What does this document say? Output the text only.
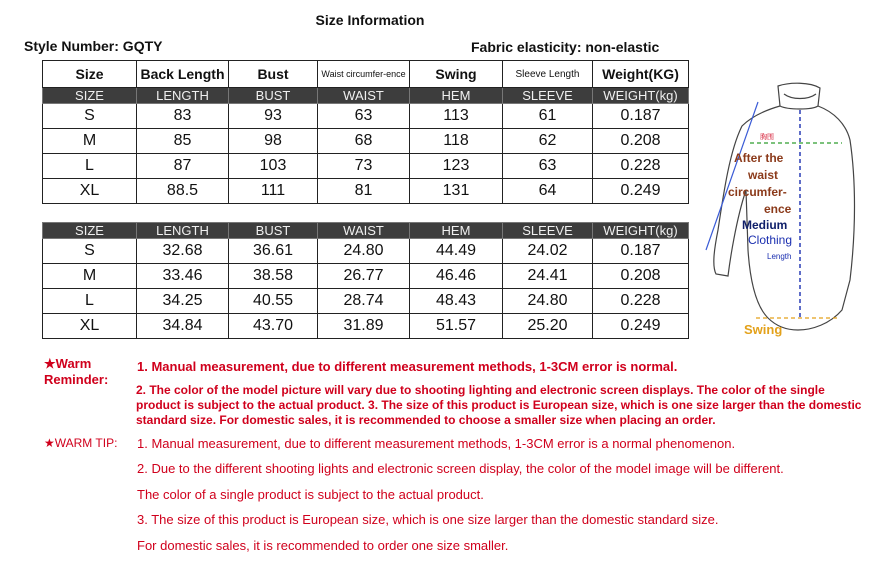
Size Information
Style Number: GQTY	Fabric elasticity: non-elastic
Size	Back Length	Bust	Waist circumfer-ence	Swing	Sleeve Length	Weight(KG)
SIZE	LENGTH	BUST	WAIST	HEM	SLEEVE	WEIGHT(kg)
S	83	93	63	113	61	0.187
M	85	98	68	118	62	0.208
L	87	103	73	123	63	0.228
XL	88.5	111	81	131	64	0.249
SIZE	LENGTH	BUST	WAIST	HEM	SLEEVE	WEIGHT(kg)
S	32.68	36.61	24.80	44.49	24.02	0.187
M	33.46	38.58	26.77	46.46	24.41	0.208
L	34.25	40.55	28.74	48.43	24.80	0.228
XL	34.84	43.70	31.89	51.57	25.20	0.249
胸围
After the waist circumfer- ence
Medium
Clothing
Length
Swing
★Warm
Reminder:
1. Manual measurement, due to different measurement methods, 1-3CM error is normal.
2. The color of the model picture will vary due to shooting lighting and electronic screen displays. The color of the single product is subject to the actual product. 3. The size of this product is European size, which is one size larger than the domestic standard size. For domestic sales, it is recommended to choose a smaller size when placing an order.
★WARM TIP: 1. Manual measurement, due to different measurement methods, 1-3CM error is a normal phenomenon.
2. Due to the different shooting lights and electronic screen display, the color of the model image will be different.
The color of a single product is subject to the actual product.
3. The size of this product is European size, which is one size larger than the domestic standard size.
For domestic sales, it is recommended to order one size smaller.
